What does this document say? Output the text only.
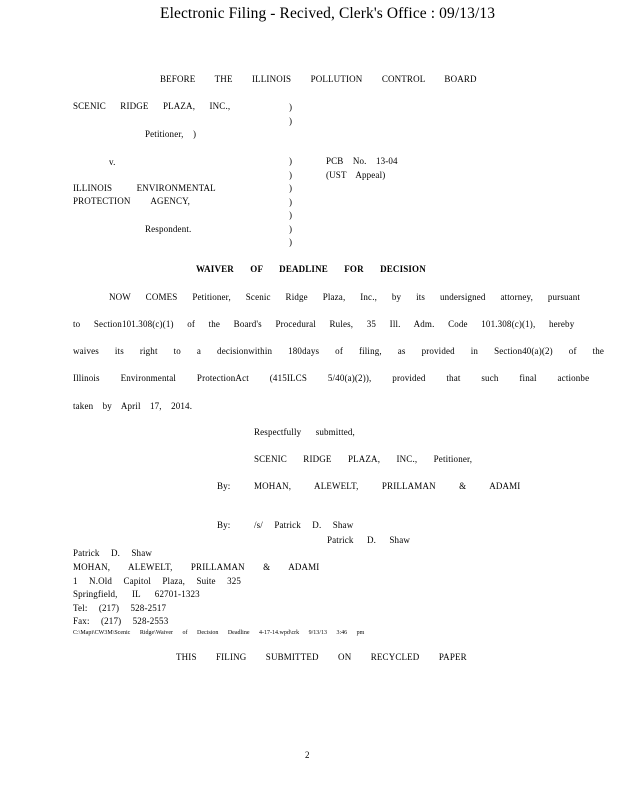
Electronic Filing - Recived, Clerk's Office : 09/13/13
BEFORE THE ILLINOIS POLLUTION CONTROL BOARD
SCENIC RIDGE PLAZA, INC.,
Petitioner, )
v.
ILLINOIS ENVIRONMENTAL
PROTECTION AGENCY,
Respondent.
)
)

)
)
)
)
)
)
)
PCB No. 13-04
(UST Appeal)
WAIVER OF DEADLINE FOR DECISION
NOW COMES Petitioner, Scenic Ridge Plaza, Inc., by its undersigned attorney, pursuant
to Section101.308(c)(1) of the Board's Procedural Rules, 35 Ill. Adm. Code 101.308(c)(1), hereby
waives its right to a decisionwithin 180days of filing, as provided in Section40(a)(2) of the
Illinois Environmental ProtectionAct (415ILCS 5/40(a)(2)), provided that such final actionbe
taken by April 17, 2014.
Respectfully submitted,
SCENIC RIDGE PLAZA, INC., Petitioner,
By:	MOHAN, ALEWELT, PRILLAMAN & ADAMI
By:	/s/ Patrick D. Shaw
Patrick D. Shaw
Patrick D. Shaw
MOHAN, ALEWELT, PRILLAMAN & ADAMI
1 N.Old Capitol Plaza, Suite 325
Springfield, IL 62701-1323
Tel: (217) 528-2517
Fax: (217) 528-2553
C:\Mapi\CW3M\Scenic Ridge\Waiver of Decision Deadline 4-17-14.wpd\crk 9/13/13 3:46 pm
THIS FILING SUBMITTED ON RECYCLED PAPER
2
